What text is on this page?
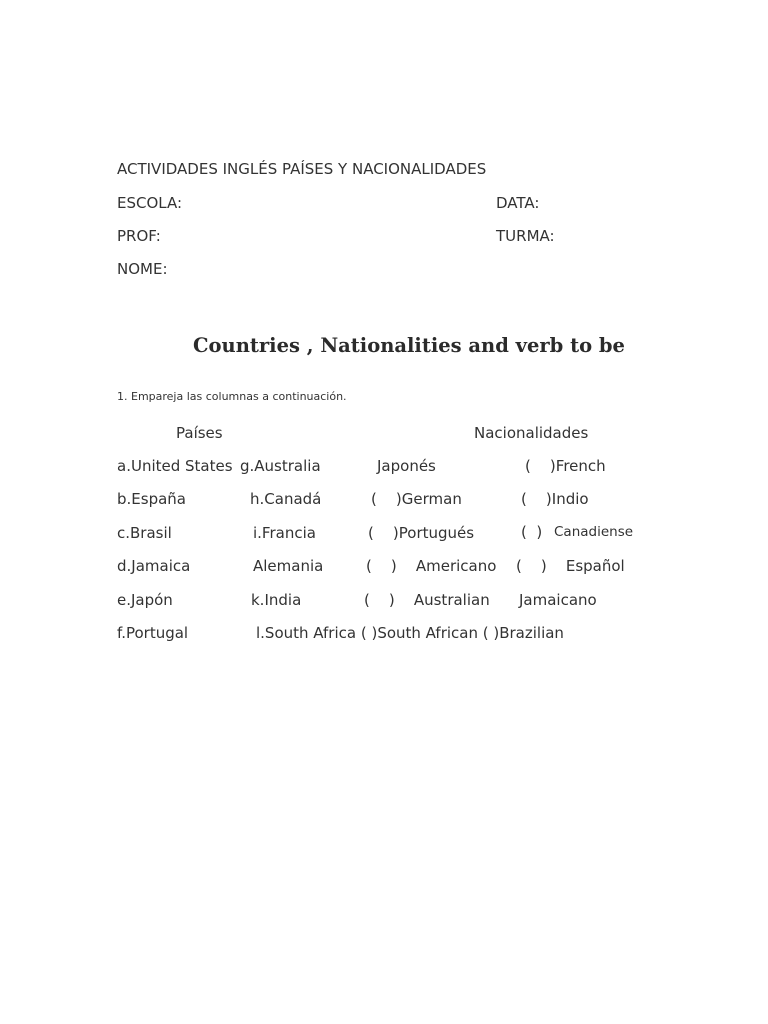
ACTIVIDADES INGLÉS PAÍSES Y NACIONALIDADES

ESCOLA:	DATA:

PROF:	TURMA:

NOME:

Countries , Nationalities and verb to be

1. Empareja las columnas a continuación.

Países	Nacionalidades

a.United States g.Australia	Japonés	(    )French

b.España	h.Canadá	(    )German	(    )Indio

c.Brasil	i.Francia	(    )Portugués	(  ) Canadiense

d.Jamaica	Alemania	(    )    Americano (    )    Español

e.Japón	k.India	(    )    Australian Jamaicano

f.Portugal	l.South Africa ( )South African ( )Brazilian
